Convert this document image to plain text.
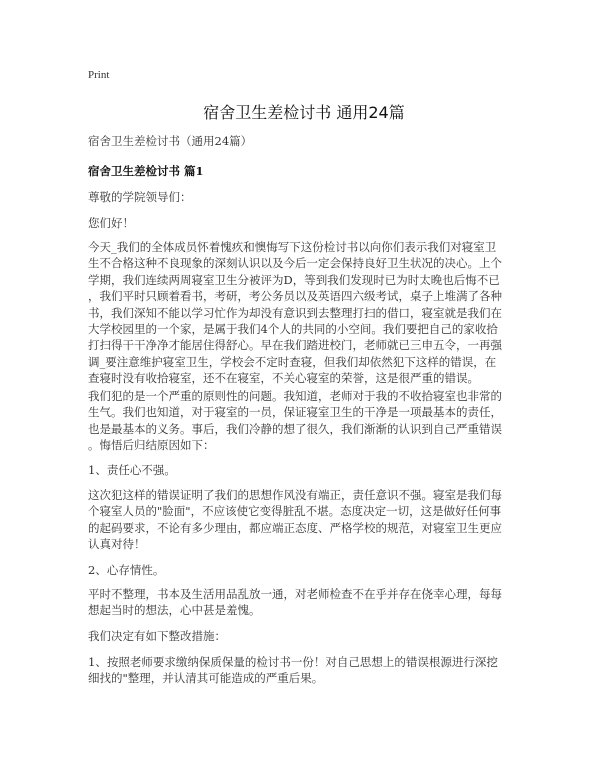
Print
宿舍卫生差检讨书 通用24篇
宿舍卫生差检讨书（通用24篇）
宿舍卫生差检讨书 篇1
尊敬的学院领导们：
您们好！
今天_我们的全体成员怀着愧疚和懊悔写下这份检讨书以向你们表示我们对寝室卫
生不合格这种不良现象的深刻认识以及今后一定会保持良好卫生状况的决心。上个
学期，我们连续两周寝室卫生分被评为D，等到我们发现时已为时太晚也后悔不已
，我们平时只顾着看书，考研，考公务员以及英语四六级考试，桌子上堆满了各种
书，我们深知不能以学习忙作为却没有意识到去整理打扫的借口，寝室就是我们在
大学校园里的一个家，是属于我们4个人的共同的小空间。我们要把自己的家收拾
打扫得干干净净才能居住得舒心。早在我们踏进校门，老师就已三申五令，一再强
调_要注意维护寝室卫生，学校会不定时查寝，但我们却依然犯下这样的错误，在
查寝时没有收拾寝室，还不在寝室，不关心寝室的荣誉，这是很严重的错误。
我们犯的是一个严重的原则性的问题。我知道，老师对于我的不收拾寝室也非常的
生气。我们也知道，对于寝室的一员，保证寝室卫生的干净是一项最基本的责任，
也是最基本的义务。事后，我们冷静的想了很久，我们渐渐的认识到自己严重错误
。悔悟后归结原因如下：
1、责任心不强。
这次犯这样的错误证明了我们的思想作风没有端正，责任意识不强。寝室是我们每
个寝室人员的"脸面"，不应该使它变得脏乱不堪。态度决定一切，这是做好任何事
的起码要求，不论有多少理由，都应端正态度、严格学校的规范，对寝室卫生更应
认真对待！
2、心存情性。
平时不整理，书本及生活用品乱放一通，对老师检查不在乎并存在侥幸心理，每每
想起当时的想法，心中甚是羞愧。
我们决定有如下整改措施：
1、按照老师要求缴纳保质保量的检讨书一份！对自己思想上的错误根源进行深挖
细找的"整理，并认清其可能造成的严重后果。
